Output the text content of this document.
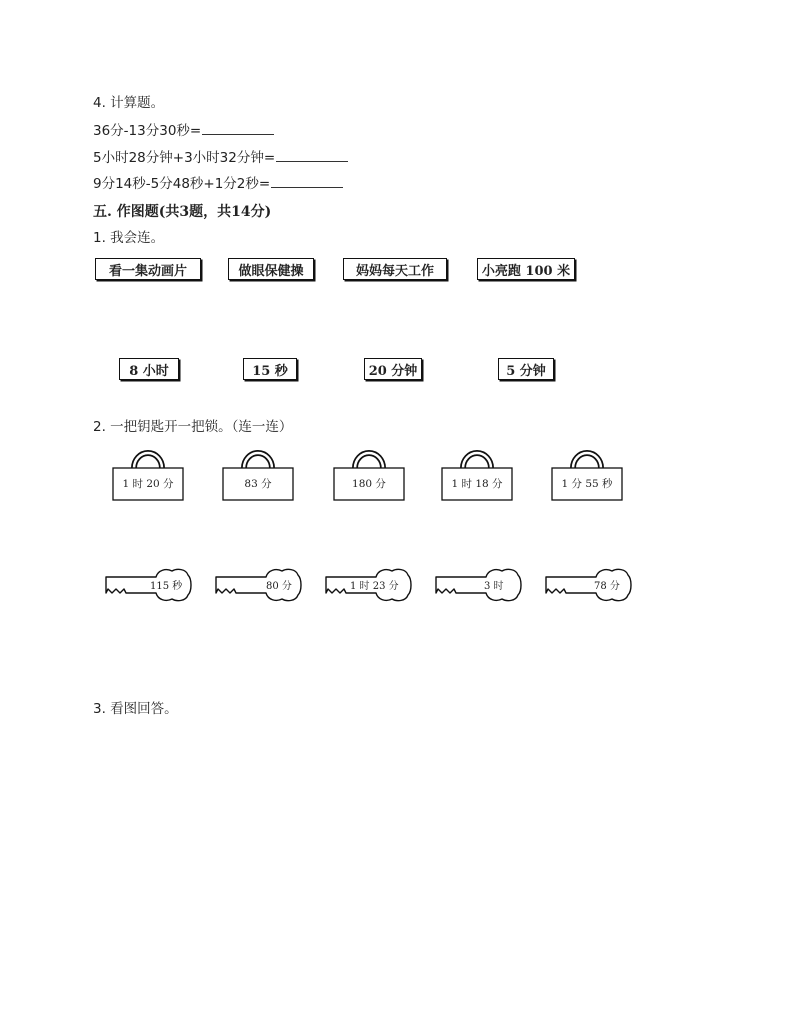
4. 计算题。
36分-13分30秒=
5小时28分钟+3小时32分钟=
9分14秒-5分48秒+1分2秒=
五. 作图题(共3题，共14分)
1. 我会连。
看一集动画片	做眼保健操	妈妈每天工作	小亮跑 100 米
8 小时	15 秒	20 分钟	5 分钟
2. 一把钥匙开一把锁。（连一连）
1 时 20 分	83 分	180 分	1 时 18 分	1 分 55 秒
115 秒	80 分	1 时 23 分	3 时	78 分
3. 看图回答。
